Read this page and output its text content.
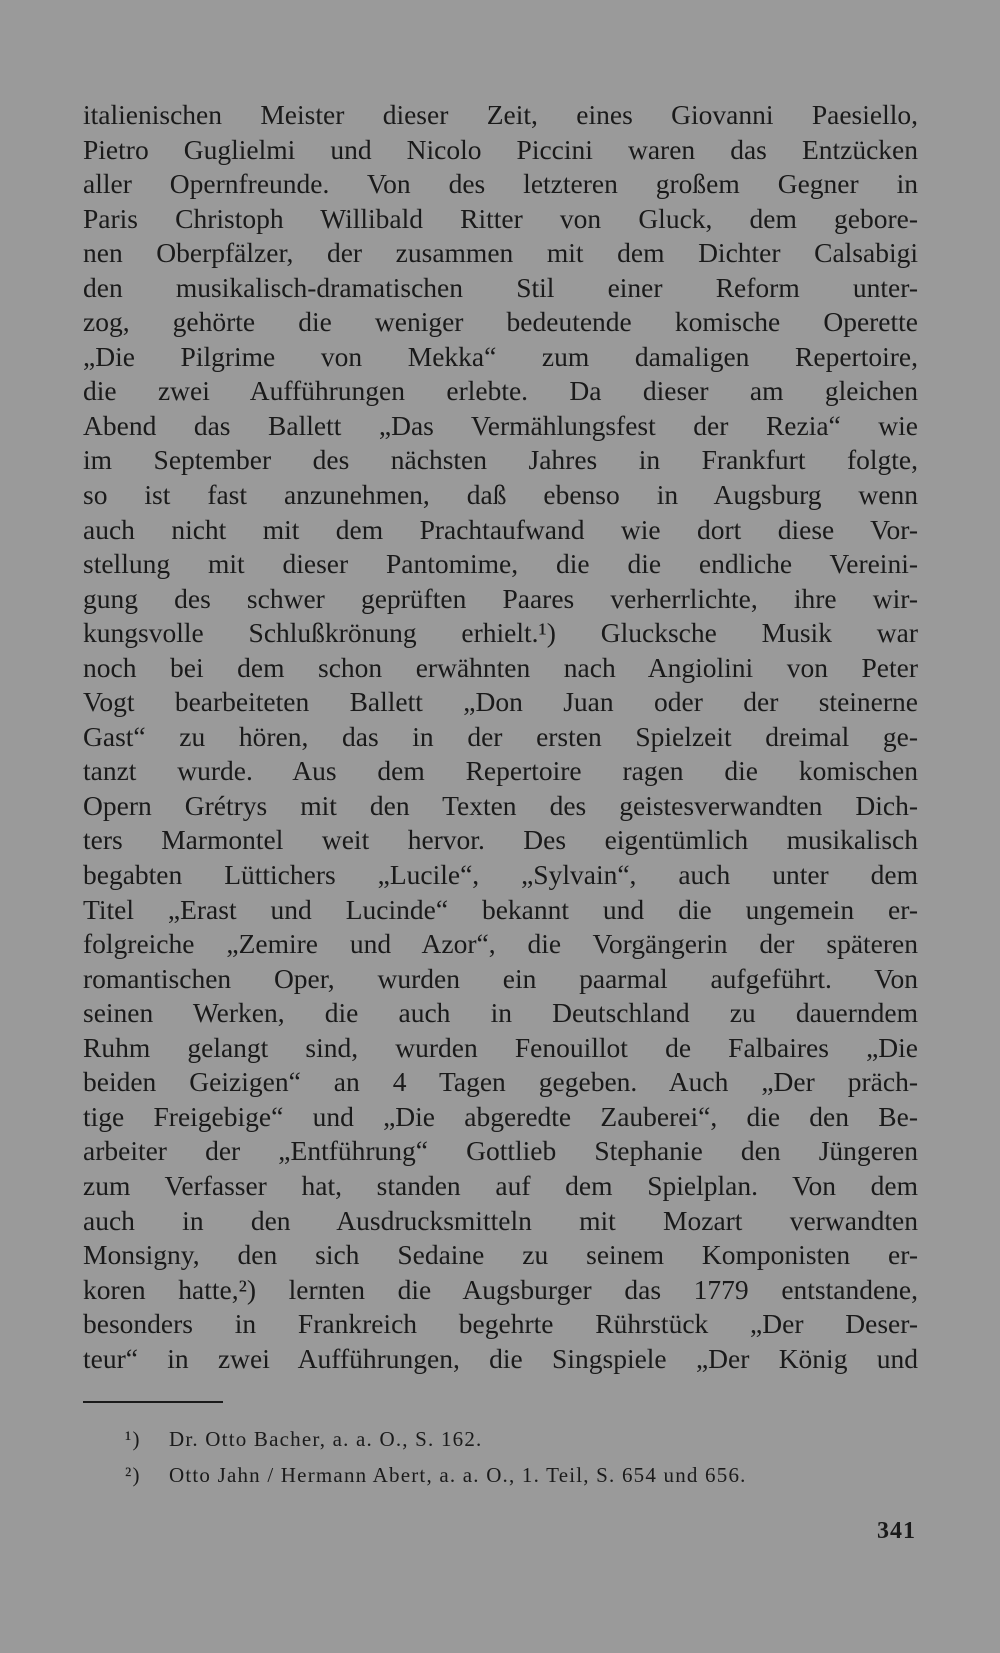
italienischen Meister dieser Zeit, eines Giovanni Paesiello,
Pietro Guglielmi und Nicolo Piccini waren das Entzücken
aller Opernfreunde. Von des letzteren großem Gegner in
Paris Christoph Willibald Ritter von Gluck, dem gebore-
nen Oberpfälzer, der zusammen mit dem Dichter Calsabigi
den musikalisch-dramatischen Stil einer Reform unter-
zog, gehörte die weniger bedeutende komische Operette
„Die Pilgrime von Mekka“ zum damaligen Repertoire,
die zwei Aufführungen erlebte. Da dieser am gleichen
Abend das Ballett „Das Vermählungsfest der Rezia“ wie
im September des nächsten Jahres in Frankfurt folgte,
so ist fast anzunehmen, daß ebenso in Augsburg wenn
auch nicht mit dem Prachtaufwand wie dort diese Vor-
stellung mit dieser Pantomime, die die endliche Vereini-
gung des schwer geprüften Paares verherrlichte, ihre wir-
kungsvolle Schlußkrönung erhielt.¹) Glucksche Musik war
noch bei dem schon erwähnten nach Angiolini von Peter
Vogt bearbeiteten Ballett „Don Juan oder der steinerne
Gast“ zu hören, das in der ersten Spielzeit dreimal ge-
tanzt wurde. Aus dem Repertoire ragen die komischen
Opern Grétrys mit den Texten des geistesverwandten Dich-
ters Marmontel weit hervor. Des eigentümlich musikalisch
begabten Lüttichers „Lucile“, „Sylvain“, auch unter dem
Titel „Erast und Lucinde“ bekannt und die ungemein er-
folgreiche „Zemire und Azor“, die Vorgängerin der späteren
romantischen Oper, wurden ein paarmal aufgeführt. Von
seinen Werken, die auch in Deutschland zu dauerndem
Ruhm gelangt sind, wurden Fenouillot de Falbaires „Die
beiden Geizigen“ an 4 Tagen gegeben. Auch „Der präch-
tige Freigebige“ und „Die abgeredte Zauberei“, die den Be-
arbeiter der „Entführung“ Gottlieb Stephanie den Jüngeren
zum Verfasser hat, standen auf dem Spielplan. Von dem
auch in den Ausdrucksmitteln mit Mozart verwandten
Monsigny, den sich Sedaine zu seinem Komponisten er-
koren hatte,²) lernten die Augsburger das 1779 entstandene,
besonders in Frankreich begehrte Rührstück „Der Deser-
teur“ in zwei Aufführungen, die Singspiele „Der König und
¹) Dr. Otto Bacher, a. a. O., S. 162.
²) Otto Jahn / Hermann Abert, a. a. O., 1. Teil, S. 654 und 656.
341
